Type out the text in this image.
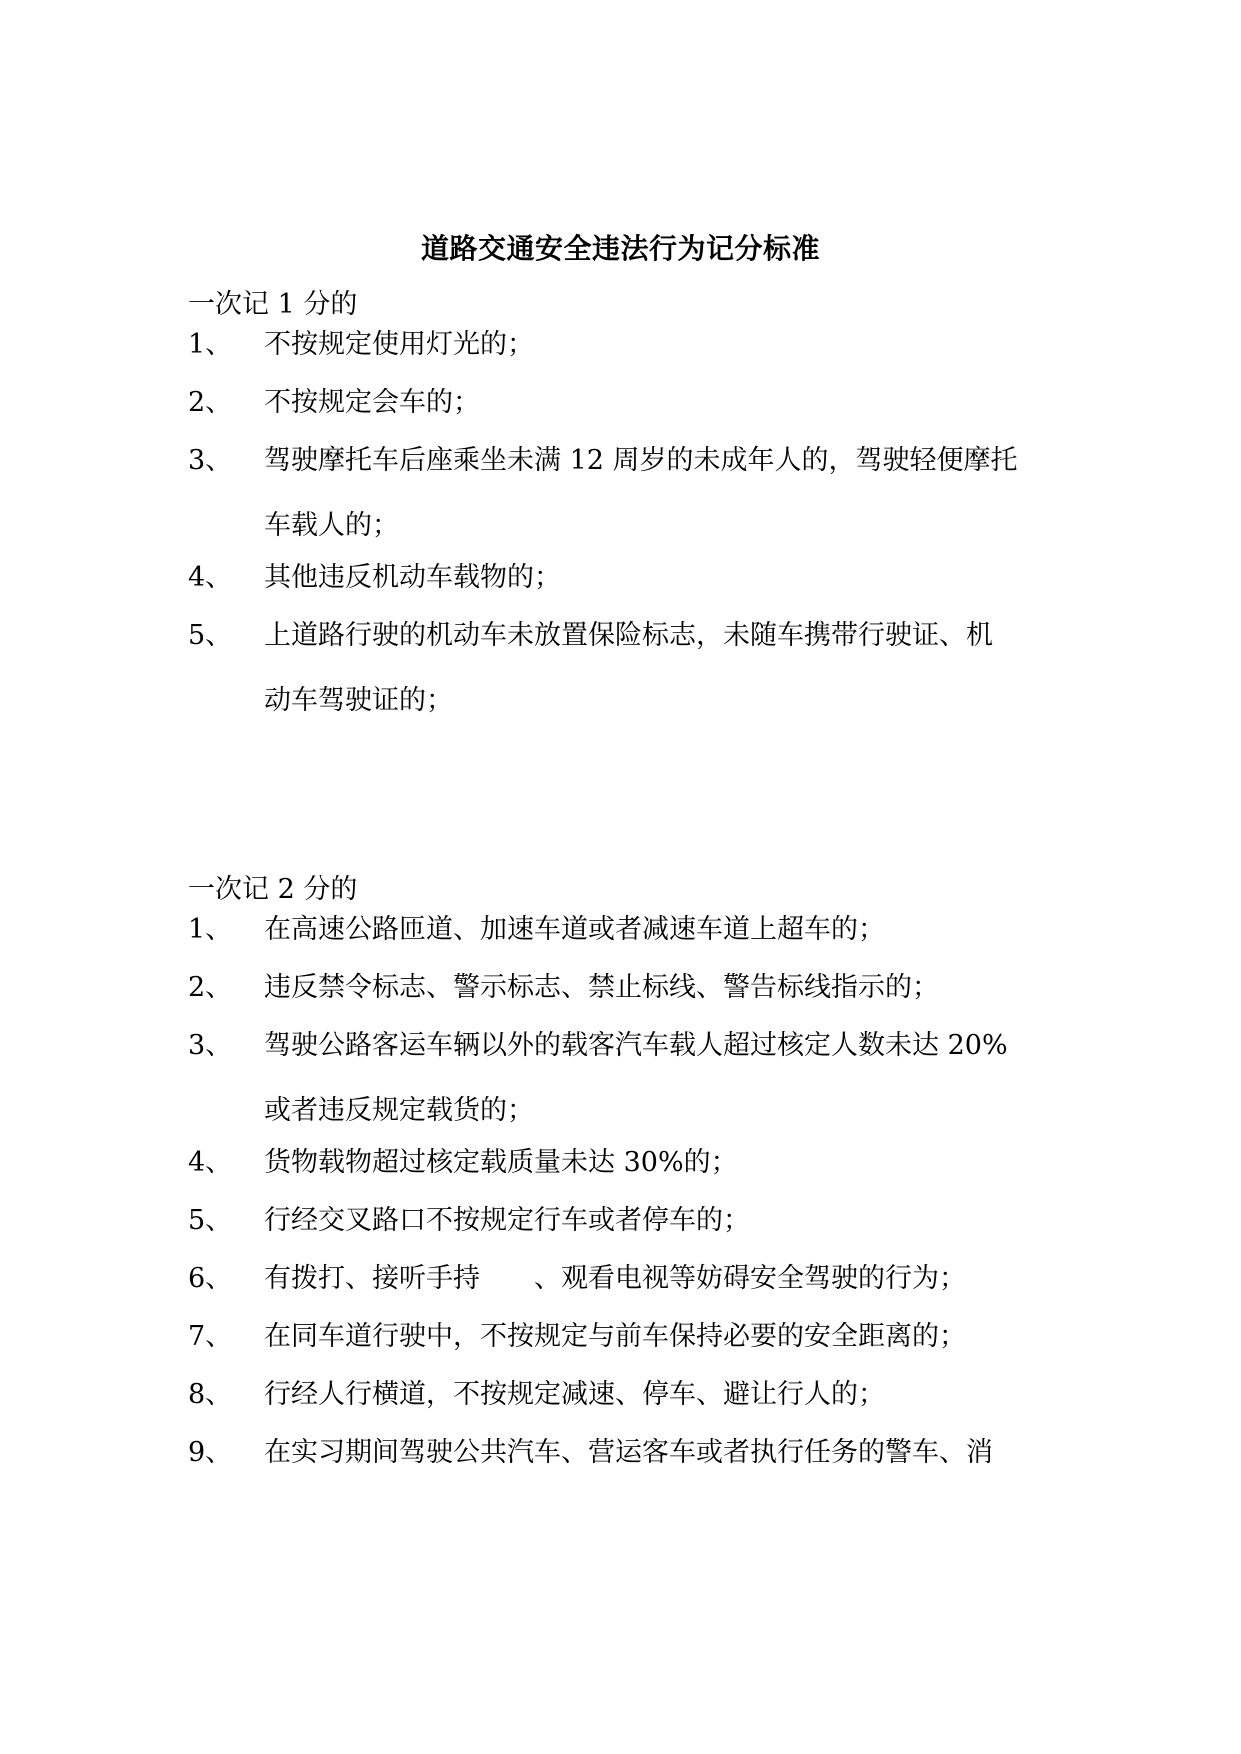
道路交通安全违法行为记分标准
一次记 1 分的
1、	不按规定使用灯光的；
2、	不按规定会车的；
3、	驾驶摩托车后座乘坐未满 12 周岁的未成年人的，驾驶轻便摩托
车载人的；
4、	其他违反机动车载物的；
5、	上道路行驶的机动车未放置保险标志，未随车携带行驶证、机
动车驾驶证的；
一次记 2 分的
1、	在高速公路匝道、加速车道或者减速车道上超车的；
2、	违反禁令标志、警示标志、禁止标线、警告标线指示的；
3、	驾驶公路客运车辆以外的载客汽车载人超过核定人数未达 20%
或者违反规定载货的；
4、	货物载物超过核定载质量未达 30%的；
5、	行经交叉路口不按规定行车或者停车的；
6、	有拨打、接听手持　　、观看电视等妨碍安全驾驶的行为；
7、	在同车道行驶中，不按规定与前车保持必要的安全距离的；
8、	行经人行横道，不按规定减速、停车、避让行人的；
9、	在实习期间驾驶公共汽车、营运客车或者执行任务的警车、消
